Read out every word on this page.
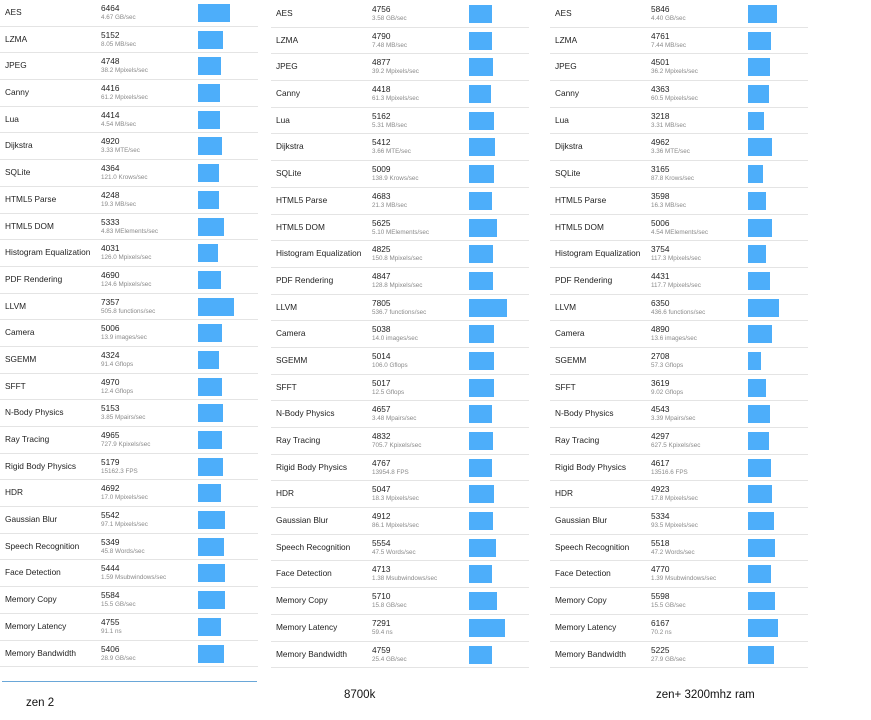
AES	6464
4.67 GB/sec
LZMA	5152
8.05 MB/sec
JPEG	4748
38.2 Mpixels/sec
Canny	4416
61.2 Mpixels/sec
Lua	4414
4.54 MB/sec
Dijkstra	4920
3.33 MTE/sec
SQLite	4364
121.0 Krows/sec
HTML5 Parse	4248
19.3 MB/sec
HTML5 DOM	5333
4.83 MElements/sec
Histogram Equalization 4031
126.0 Mpixels/sec
PDF Rendering	4690
124.6 Mpixels/sec
LLVM	7357
505.8 functions/sec
Camera	5006
13.9 images/sec
SGEMM	4324
91.4 Gflops
SFFT	4970
12.4 Gflops
N-Body Physics	5153
3.85 Mpairs/sec
Ray Tracing	4965
727.9 Kpixels/sec
Rigid Body Physics	5179
15162.3 FPS
HDR	4692
17.0 Mpixels/sec
Gaussian Blur	5542
97.1 Mpixels/sec
Speech Recognition	5349
45.8 Words/sec
Face Detection	5444
1.59 Msubwindows/sec
Memory Copy	5584
15.5 GB/sec
Memory Latency	4755
91.1 ns
Memory Bandwidth	5406
28.9 GB/sec
AES	4756
3.58 GB/sec
LZMA	4790
7.48 MB/sec
JPEG	4877
39.2 Mpixels/sec
Canny	4418
61.3 Mpixels/sec
Lua	5162
5.31 MB/sec
Dijkstra	5412
3.66 MTE/sec
SQLite	5009
138.9 Krows/sec
HTML5 Parse	4683
21.3 MB/sec
HTML5 DOM	5625
5.10 MElements/sec
Histogram Equalization 4825
150.8 Mpixels/sec
PDF Rendering	4847
128.8 Mpixels/sec
LLVM	7805
536.7 functions/sec
Camera	5038
14.0 images/sec
SGEMM	5014
106.0 Gflops
SFFT	5017
12.5 Gflops
N-Body Physics	4657
3.48 Mpairs/sec
Ray Tracing	4832
705.7 Kpixels/sec
Rigid Body Physics	4767
13954.8 FPS
HDR	5047
18.3 Mpixels/sec
Gaussian Blur	4912
86.1 Mpixels/sec
Speech Recognition	5554
47.5 Words/sec
Face Detection	4713
1.38 Msubwindows/sec
Memory Copy	5710
15.8 GB/sec
Memory Latency	7291
59.4 ns
Memory Bandwidth	4759
25.4 GB/sec
AES	5846
4.40 GB/sec
LZMA	4761
7.44 MB/sec
JPEG	4501
36.2 Mpixels/sec
Canny	4363
60.5 Mpixels/sec
Lua	3218
3.31 MB/sec
Dijkstra	4962
3.36 MTE/sec
SQLite	3165
87.8 Krows/sec
HTML5 Parse	3598
16.3 MB/sec
HTML5 DOM	5006
4.54 MElements/sec
Histogram Equalization 3754
117.3 Mpixels/sec
PDF Rendering	4431
117.7 Mpixels/sec
LLVM	6350
436.6 functions/sec
Camera	4890
13.6 images/sec
SGEMM	2708
57.3 Gflops
SFFT	3619
9.02 Gflops
N-Body Physics	4543
3.39 Mpairs/sec
Ray Tracing	4297
627.5 Kpixels/sec
Rigid Body Physics	4617
13516.6 FPS
HDR	4923
17.8 Mpixels/sec
Gaussian Blur	5334
93.5 Mpixels/sec
Speech Recognition	5518
47.2 Words/sec
Face Detection	4770
1.39 Msubwindows/sec
Memory Copy	5598
15.5 GB/sec
Memory Latency	6167
70.2 ns
Memory Bandwidth	5225
27.9 GB/sec
zen 2
8700k	zen+ 3200mhz ram
